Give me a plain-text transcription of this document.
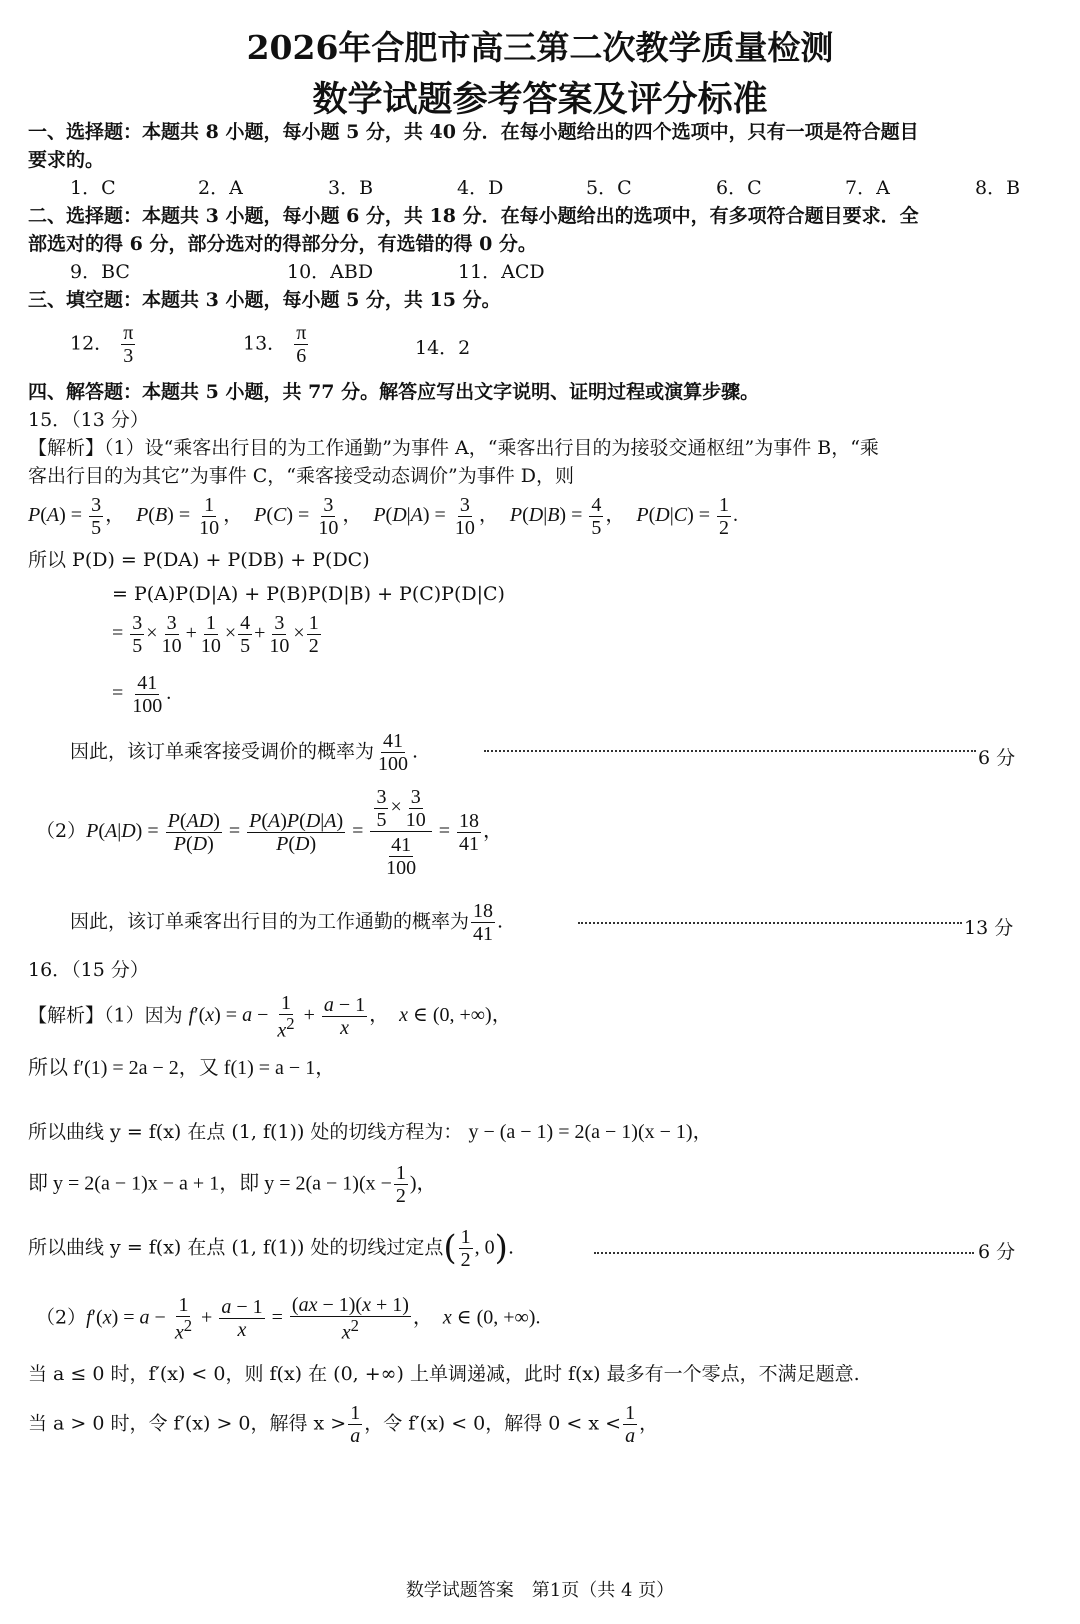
2026年合肥市高三第二次教学质量检测
数学试题参考答案及评分标准
一、选择题：本题共 8 小题，每小题 5 分，共 40 分．在每小题给出的四个选项中，只有一项是符合题目
要求的。
1．C	2．A	3．B	4．D	5．C	6．C	7．A	8．B
二、选择题：本题共 3 小题，每小题 6 分，共 18 分．在每小题给出的选项中，有多项符合题目要求．全
部选对的得 6 分，部分选对的得部分分，有选错的得 0 分。
9．BC	10．ABD	11．ACD
三、填空题：本题共 3 小题，每小题 5 分，共 15 分。
12． $\frac{\pi}{3}$	13． $\frac{\pi}{6}$	14．2
四、解答题：本题共 5 小题，共 77 分。解答应写出文字说明、证明过程或演算步骤。
15．（13 分）
【解析】（1）设“乘客出行目的为工作通勤”为事件 A，“乘客出行目的为接驳交通枢纽”为事件 B，“乘
客出行目的为其它”为事件 C，“乘客接受动态调价”为事件 D，则
$P(A) = \frac{3}{5}$ ， $P(B) = \frac{1}{10}$ ， $P(C) = \frac{3}{10}$ ， $P(D|A) = \frac{3}{10}$ ， $P(D|B) = \frac{4}{5}$ ， $P(D|C) = \frac{1}{2}$ .
所以 P(D) = P(DA) + P(DB) + P(DC)
= P(A)P(D|A) + P(B)P(D|B) + P(C)P(D|C)
= $\frac{3}{5} \times \frac{3}{10} + \frac{1}{10} \times \frac{4}{5} + \frac{3}{10} \times \frac{1}{2}$
= $\frac{41}{100}$ .
因此，该订单乘客接受调价的概率为 $\frac{41}{100}$ .	6 分
$(2)P(A|D) = \frac{P(AD)}{P(D)} = \frac{P(A)P(D|A)}{P(D)} = \frac{\frac{3}{5} \times \frac{3}{10}}{\frac{41}{100}} = \frac{18}{41}$ ，
因此，该订单乘客出行目的为工作通勤的概率为 $\frac{18}{41}$ .	13 分
16．（15 分）
【解析】（1）因为 $f'(x) = a - \frac{1}{x^2} + \frac{a - 1}{x}$ ，  x ∈ (0, +∞)，
所以 f′(1) = 2a − 2，又 f(1) = a − 1，
所以曲线 y = f(x) 在点 (1, f(1)) 处的切线方程为： y − (a − 1) = 2(a − 1)(x − 1)，
即 y = 2(a − 1)x − a + 1，即 $y = 2(a - 1)(x - \frac{1}{2}$ )，
所以曲线 y = f(x) 在点 (1, f(1)) 处的切线过定点( $\frac{1}{2}$ , 0).	6 分
$(2)f'(x) = a - \frac{1}{x^2} + \frac{a - 1}{x} = \frac{(ax - 1)(x + 1)}{x^2}$ ，  x ∈ (0, +∞).
当 a ≤ 0 时，f′(x) < 0，则 f(x) 在 (0, +∞) 上单调递减，此时 f(x) 最多有一个零点，不满足题意.
当 a > 0 时，令 f′(x) > 0，解得 $x > \frac{1}{a}$ ，令 f′(x) < 0，解得 $0 < x < \frac{1}{a}$ ，
数学试题答案　第1页（共 4 页）
